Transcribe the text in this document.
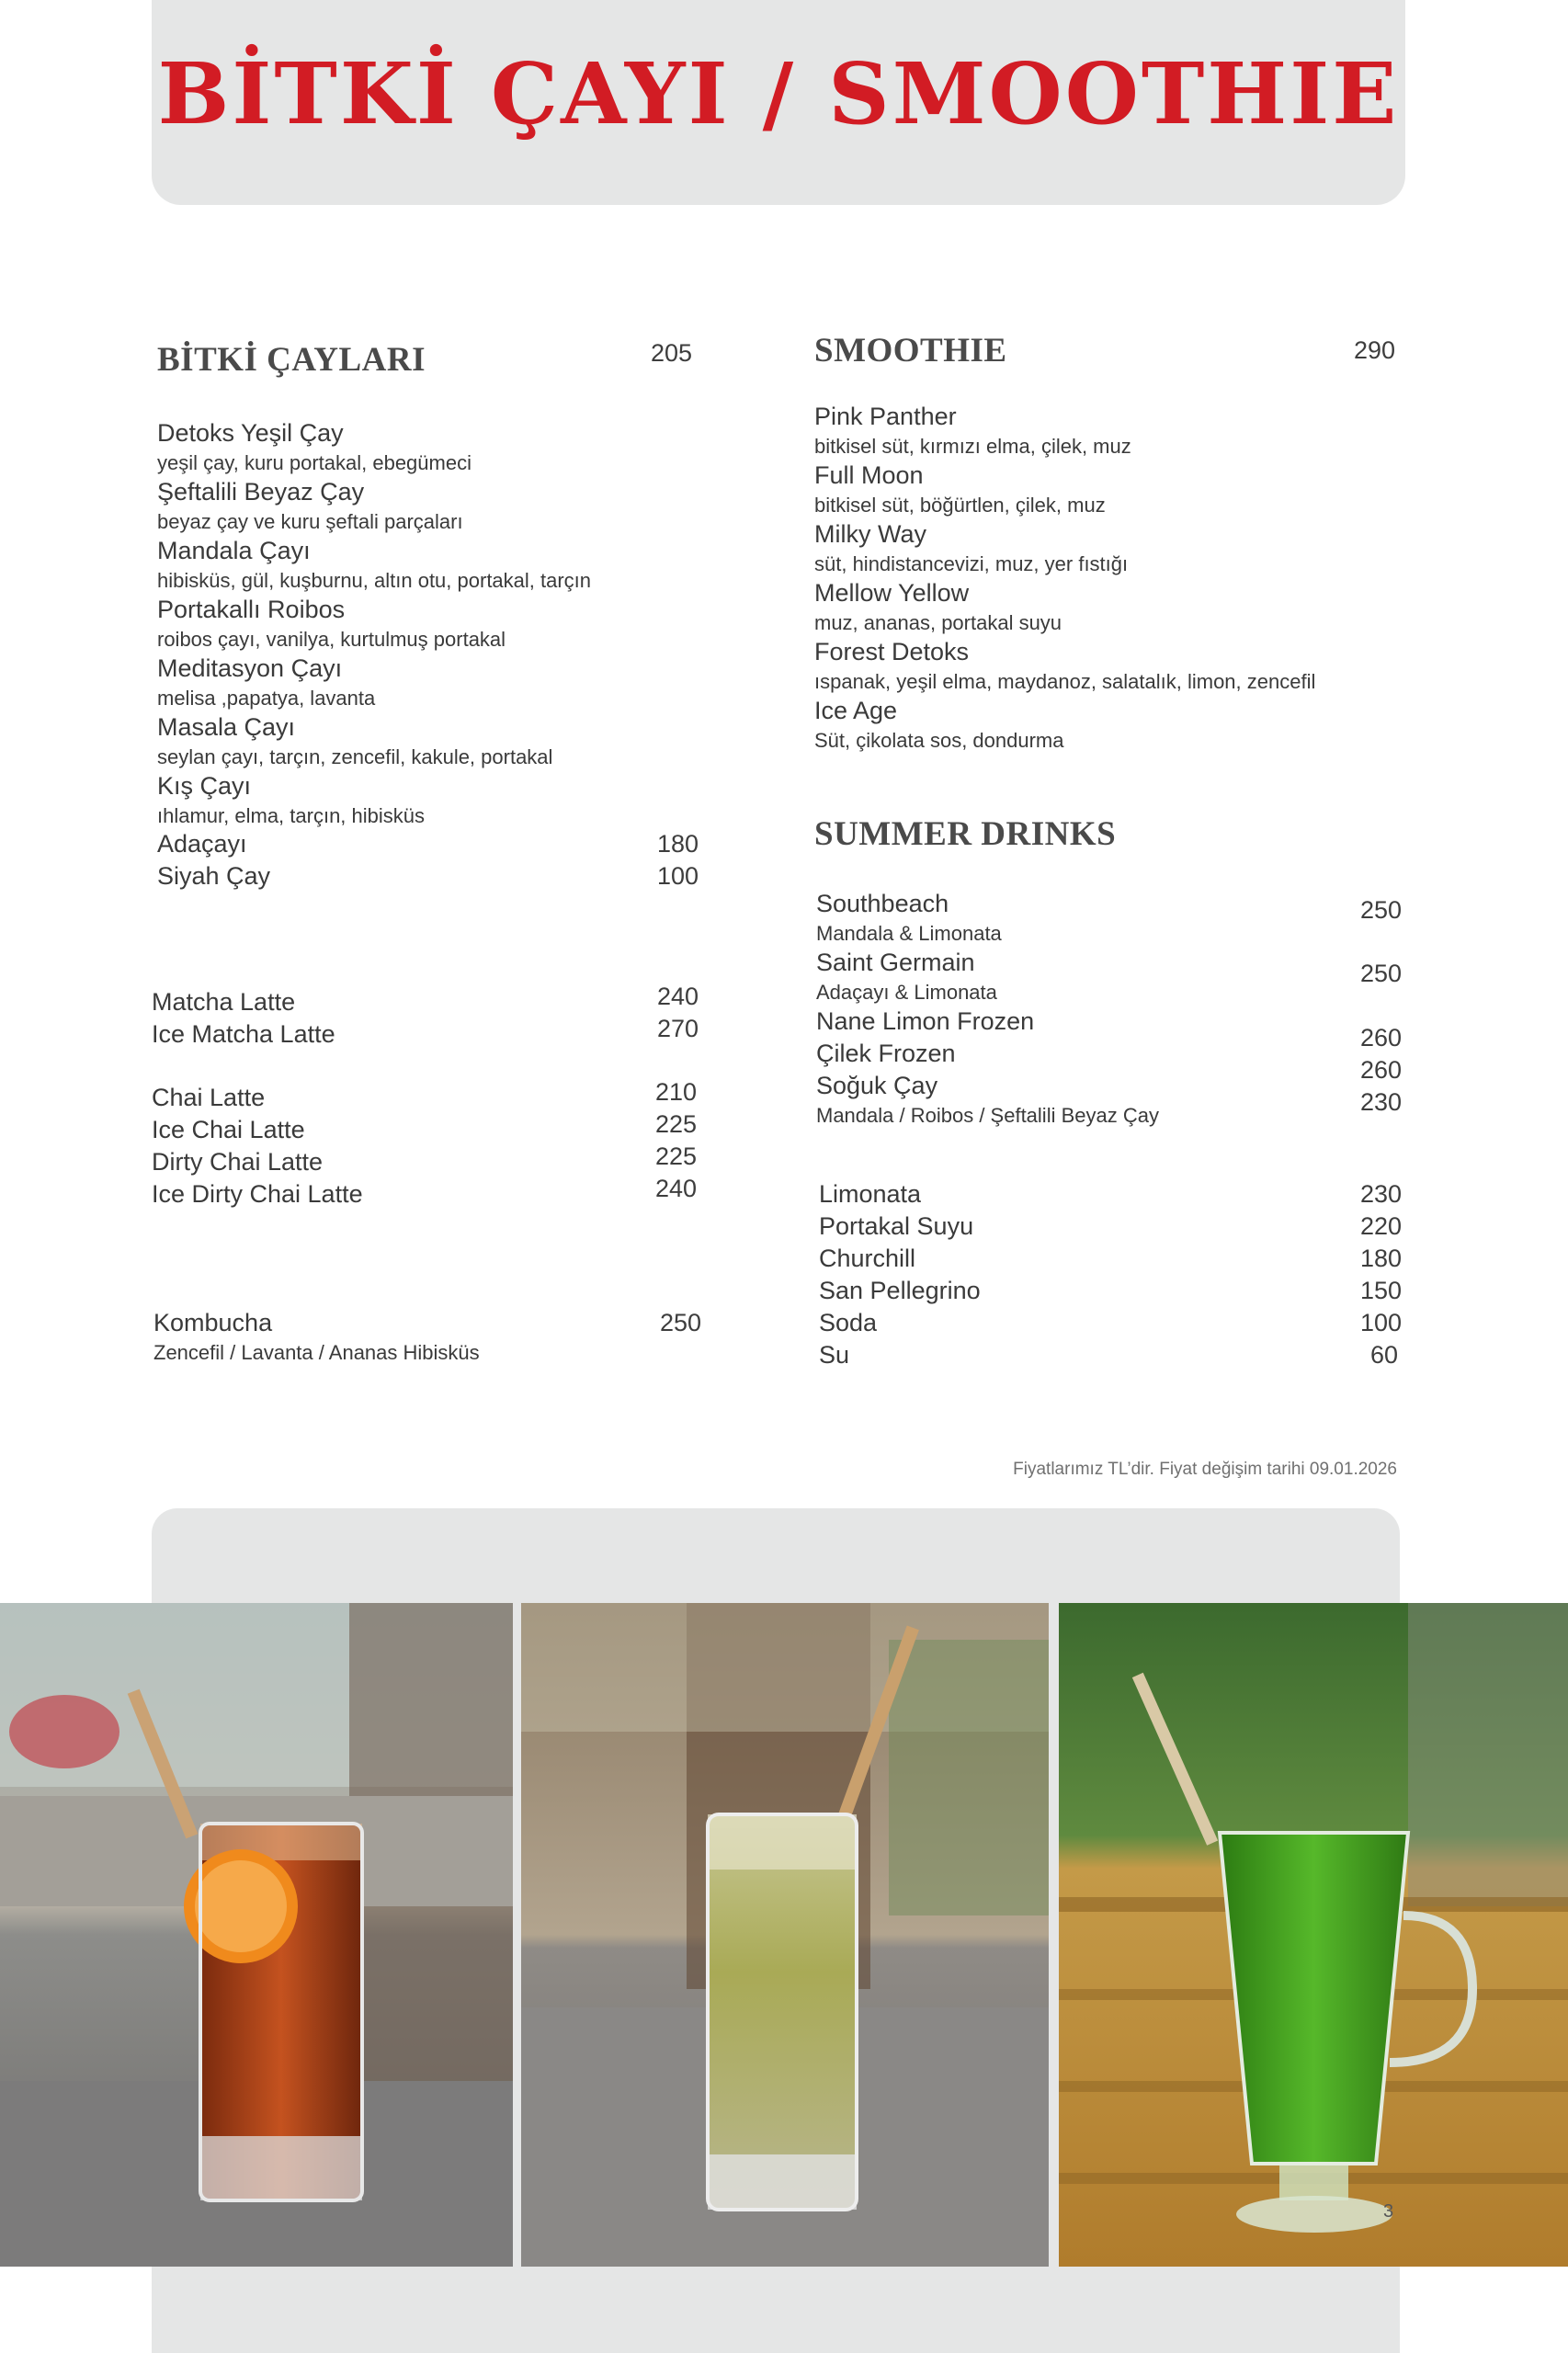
BİTKİ ÇAYI / SMOOTHIE
BİTKİ ÇAYLARI	205
Detoks Yeşil Çay
yeşil çay, kuru portakal, ebegümeci
Şeftalili Beyaz Çay
beyaz çay ve kuru şeftali parçaları
Mandala Çayı
hibisküs, gül, kuşburnu, altın otu, portakal, tarçın
Portakallı Roibos
roibos çayı, vanilya, kurtulmuş portakal
Meditasyon Çayı
melisa ,papatya, lavanta
Masala Çayı
seylan çayı, tarçın, zencefil, kakule, portakal
Kış Çayı
ıhlamur, elma, tarçın, hibisküs
Adaçayı	180
Siyah Çay	100
Matcha Latte	240
Ice Matcha Latte	270
Chai Latte	210
Ice Chai Latte	225
Dirty Chai Latte	225
Ice Dirty Chai Latte	240
Kombucha	250
Zencefil / Lavanta / Ananas Hibisküs
SMOOTHIE	290
Pink Panther
bitkisel süt, kırmızı elma, çilek, muz
Full Moon
bitkisel süt, böğürtlen, çilek, muz
Milky Way
süt, hindistancevizi, muz, yer fıstığı
Mellow Yellow
muz, ananas, portakal suyu
Forest Detoks
ıspanak, yeşil elma, maydanoz, salatalık, limon, zencefil
Ice Age
Süt, çikolata sos, dondurma
SUMMER DRINKS
Southbeach
Mandala & Limonata
250
Saint Germain
Adaçayı & Limonata
250
Nane Limon Frozen
260
Çilek Frozen
260
Soğuk Çay
Mandala / Roibos / Şeftalili Beyaz Çay	230
Limonata	230
Portakal Suyu	220
Churchill	180
San Pellegrino	150
Soda	100
Su	60
Fiyatlarımız TL’dir. Fiyat değişim tarihi 09.01.2026
3
